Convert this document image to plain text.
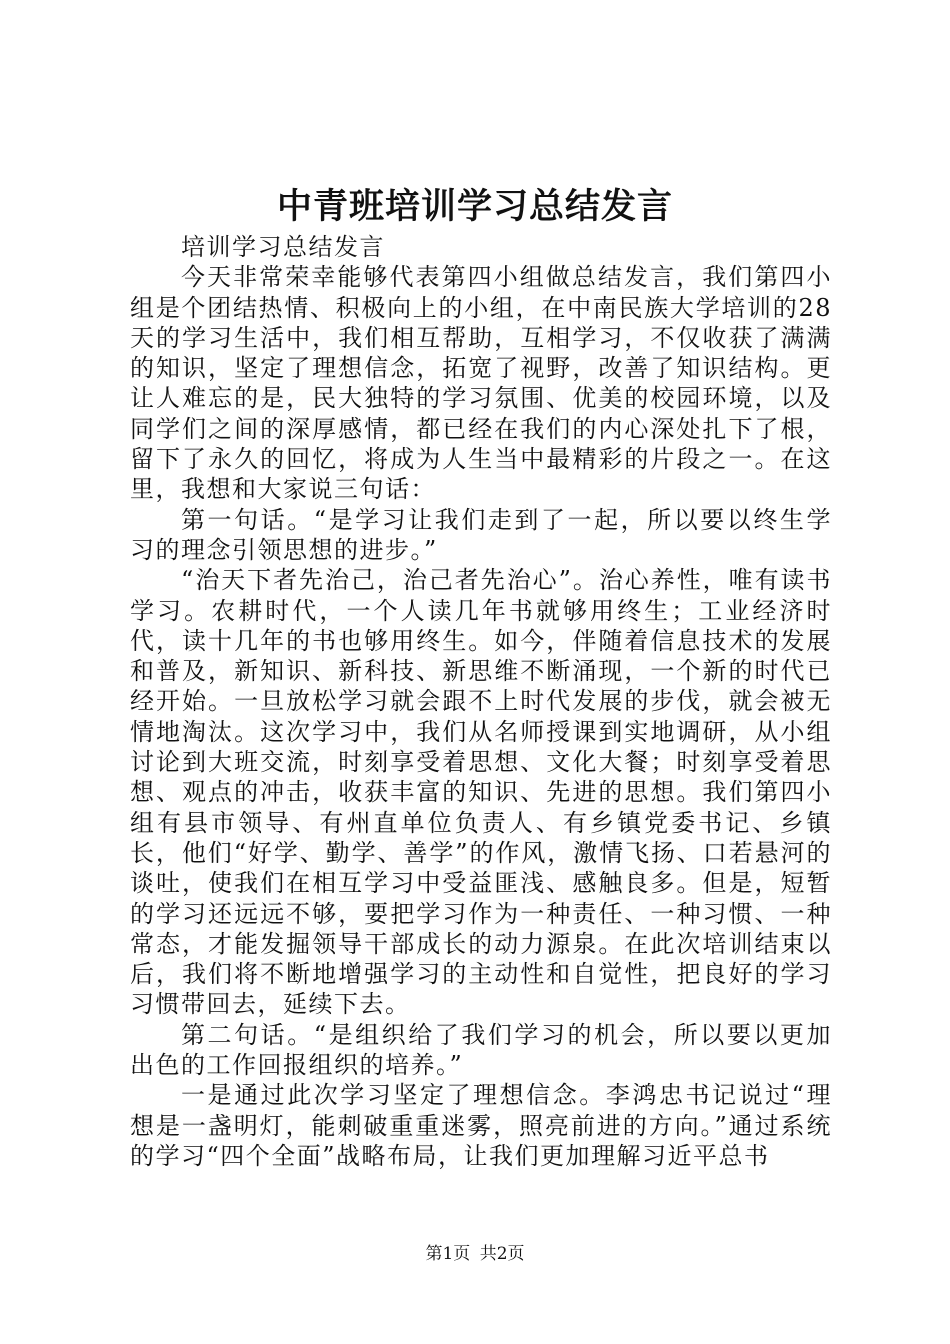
中青班培训学习总结发言

培训学习总结发言

今天非常荣幸能够代表第四小组做总结发言，我们第四小组是个团结热情、积极向上的小组，在中南民族大学培训的28天的学习生活中，我们相互帮助，互相学习，不仅收获了满满的知识，坚定了理想信念，拓宽了视野，改善了知识结构。更让人难忘的是，民大独特的学习氛围、优美的校园环境，以及同学们之间的深厚感情，都已经在我们的内心深处扎下了根，留下了永久的回忆，将成为人生当中最精彩的片段之一。在这里，我想和大家说三句话：

第一句话。“是学习让我们走到了一起，所以要以终生学习的理念引领思想的进步。”

“治天下者先治己，治己者先治心”。治心养性，唯有读书学习。农耕时代，一个人读几年书就够用终生；工业经济时代，读十几年的书也够用终生。如今，伴随着信息技术的发展和普及，新知识、新科技、新思维不断涌现，一个新的时代已经开始。一旦放松学习就会跟不上时代发展的步伐，就会被无情地淘汰。这次学习中，我们从名师授课到实地调研，从小组讨论到大班交流，时刻享受着思想、文化大餐；时刻享受着思想、观点的冲击，收获丰富的知识、先进的思想。我们第四小组有县市领导、有州直单位负责人、有乡镇党委书记、乡镇长，他们“好学、勤学、善学”的作风，激情飞扬、口若悬河的谈吐，使我们在相互学习中受益匪浅、感触良多。但是，短暂的学习还远远不够，要把学习作为一种责任、一种习惯、一种常态，才能发掘领导干部成长的动力源泉。在此次培训结束以后，我们将不断地增强学习的主动性和自觉性，把良好的学习习惯带回去，延续下去。

第二句话。“是组织给了我们学习的机会，所以要以更加出色的工作回报组织的培养。”

一是通过此次学习坚定了理想信念。李鸿忠书记说过“理想是一盏明灯，能刺破重重迷雾，照亮前进的方向。”通过系统的学习“四个全面”战略布局，让我们更加理解习近平总书

第1页 共2页
